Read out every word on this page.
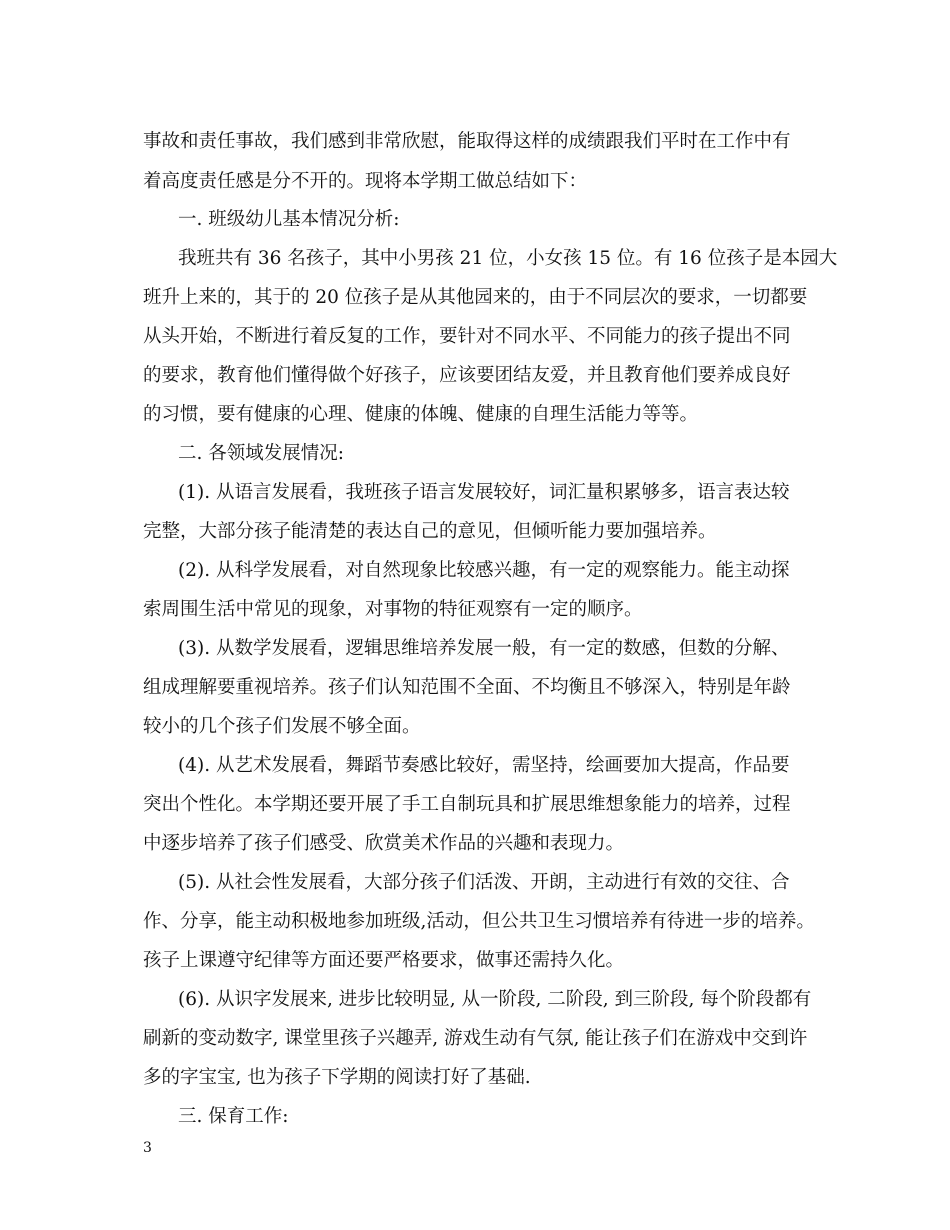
事故和责任事故，我们感到非常欣慰，能取得这样的成绩跟我们平时在工作中有
着高度责任感是分不开的。现将本学期工做总结如下：
一. 班级幼儿基本情况分析:
我班共有 36 名孩子，其中小男孩 21 位，小女孩 15 位。有 16 位孩子是本园大
班升上来的，其于的 20 位孩子是从其他园来的，由于不同层次的要求，一切都要
从头开始，不断进行着反复的工作，要针对不同水平、不同能力的孩子提出不同
的要求，教育他们懂得做个好孩子，应该要团结友爱，并且教育他们要养成良好
的习惯，要有健康的心理、健康的体魄、健康的自理生活能力等等。
二. 各领域发展情况:
(1). 从语言发展看，我班孩子语言发展较好，词汇量积累够多，语言表达较
完整，大部分孩子能清楚的表达自己的意见，但倾听能力要加强培养。
(2). 从科学发展看，对自然现象比较感兴趣，有一定的观察能力。能主动探
索周围生活中常见的现象，对事物的特征观察有一定的顺序。
(3). 从数学发展看，逻辑思维培养发展一般，有一定的数感，但数的分解、
组成理解要重视培养。孩子们认知范围不全面、不均衡且不够深入，特别是年龄
较小的几个孩子们发展不够全面。
(4). 从艺术发展看，舞蹈节奏感比较好，需坚持，绘画要加大提高，作品要
突出个性化。本学期还要开展了手工自制玩具和扩展思维想象能力的培养，过程
中逐步培养了孩子们感受、欣赏美术作品的兴趣和表现力。
(5). 从社会性发展看，大部分孩子们活泼、开朗，主动进行有效的交往、合
作、分享，能主动积极地参加班级,活动，但公共卫生习惯培养有待进一步的培养。
孩子上课遵守纪律等方面还要严格要求，做事还需持久化。
(6). 从识字发展来, 进步比较明显, 从一阶段, 二阶段, 到三阶段, 每个阶段都有
刷新的变动数字, 课堂里孩子兴趣弄, 游戏生动有气氛, 能让孩子们在游戏中交到许
多的字宝宝, 也为孩子下学期的阅读打好了基础.
三. 保育工作:
3
